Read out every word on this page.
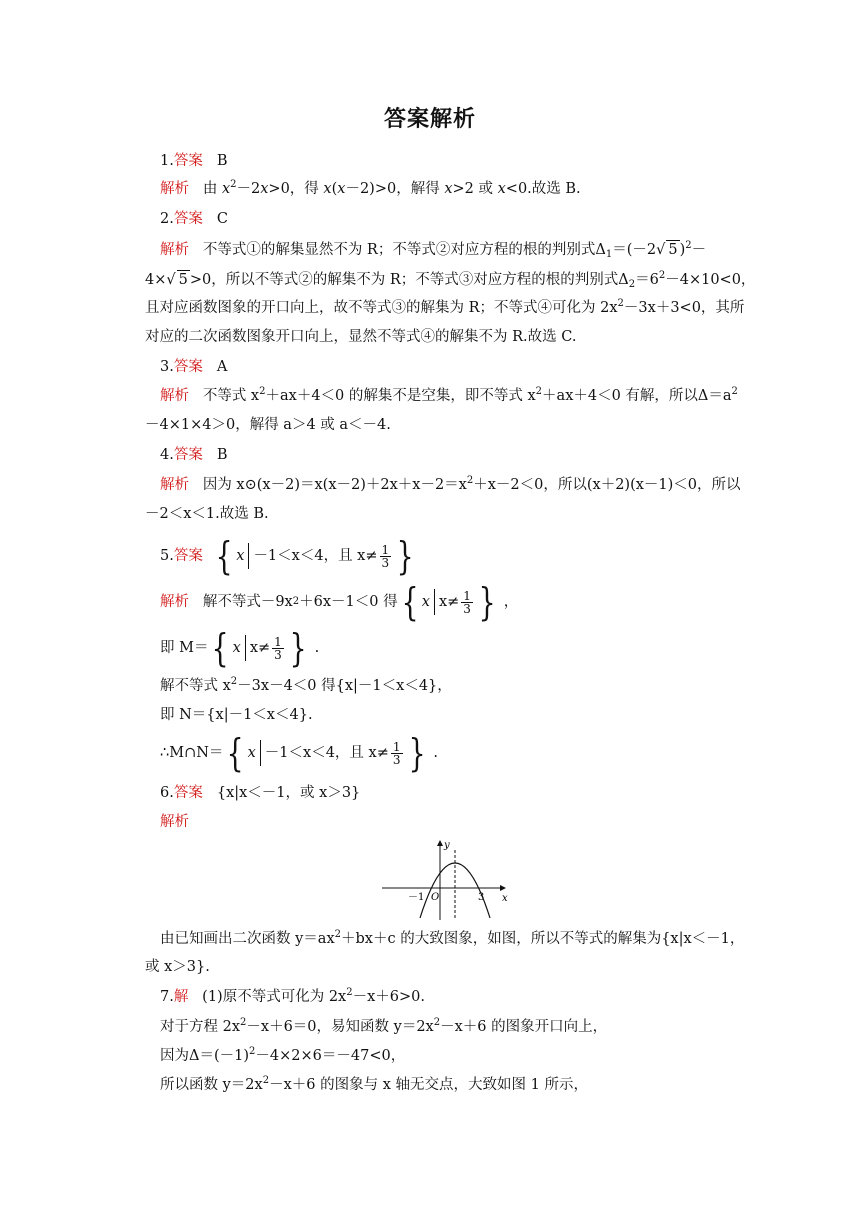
答案解析
1.答案 B
解析 由 $x^2-2x>0$，得 x(x－2)>0，解得 x>2 或 x<0.故选 B.
2.答案 C
解析 不等式①的解集显然不为 R；不等式②对应方程的根的判别式$\Delta_1=(-2√$ 5 )$^2$－
4×√ 5 >0，所以不等式②的解集不为 R；不等式③对应方程的根的判别式$\Delta_2=6^2-4\times 10<0$，
且对应函数图象的开口向上，故不等式③的解集为 R；不等式④可化为 $2x^2-3x+3<0$，其所
对应的二次函数图象开口向上，显然不等式④的解集不为 R.故选 C.
3.答案 A
解析 不等式 $x^2+ax+4<0$ 的解集不是空集，即不等式 $x^2+ax+4<0$ 有解，所以$\Delta=a^2$
－4×1×4＞0，解得 a＞4 或 a＜－4.
4.答案 B
解析 因为 $x⊙(x-2)=x(x-2)+2x+x-2=x^2+x-2<0$，所以(x＋2)(x－1)＜0，所以
－2＜x＜1.故选 B.
5. 答案
{ x －1＜x＜4，且 $x\ne \frac{1}{3}$ }
解析
解不等式－9x 2 ＋6x－1＜0 得 { x $x\ne \frac{1}{3}$ }
，
即 M＝ { x $x\ne \frac{1}{3}$ }
.
解不等式 $x^2-3x-4<0$ 得{x|－1＜x＜4}，
即 N＝{x|－1＜x＜4}.
∴M∩N＝ { x －1＜x＜4，且 $x\ne \frac{1}{3}$ }
.
6.答案 {x|x＜－1，或 x＞3}
解析
y
x
O
－1	3
由已知画出二次函数 $y=ax^2+bx+c$ 的大致图象，如图，所以不等式的解集为{x|x＜－1，
或 x＞3}.
7.解 (1)原不等式可化为 $2x^2-x+6>0$.
对于方程 $2x^2-x+6=0$，易知函数 $y=2x^2-x+6$ 的图象开口向上，
因为$\Delta=(-1)^2-4\times 2\times 6=-47<0$，
所以函数 $y=2x^2-x+6$ 的图象与 x 轴无交点，大致如图 1 所示，
